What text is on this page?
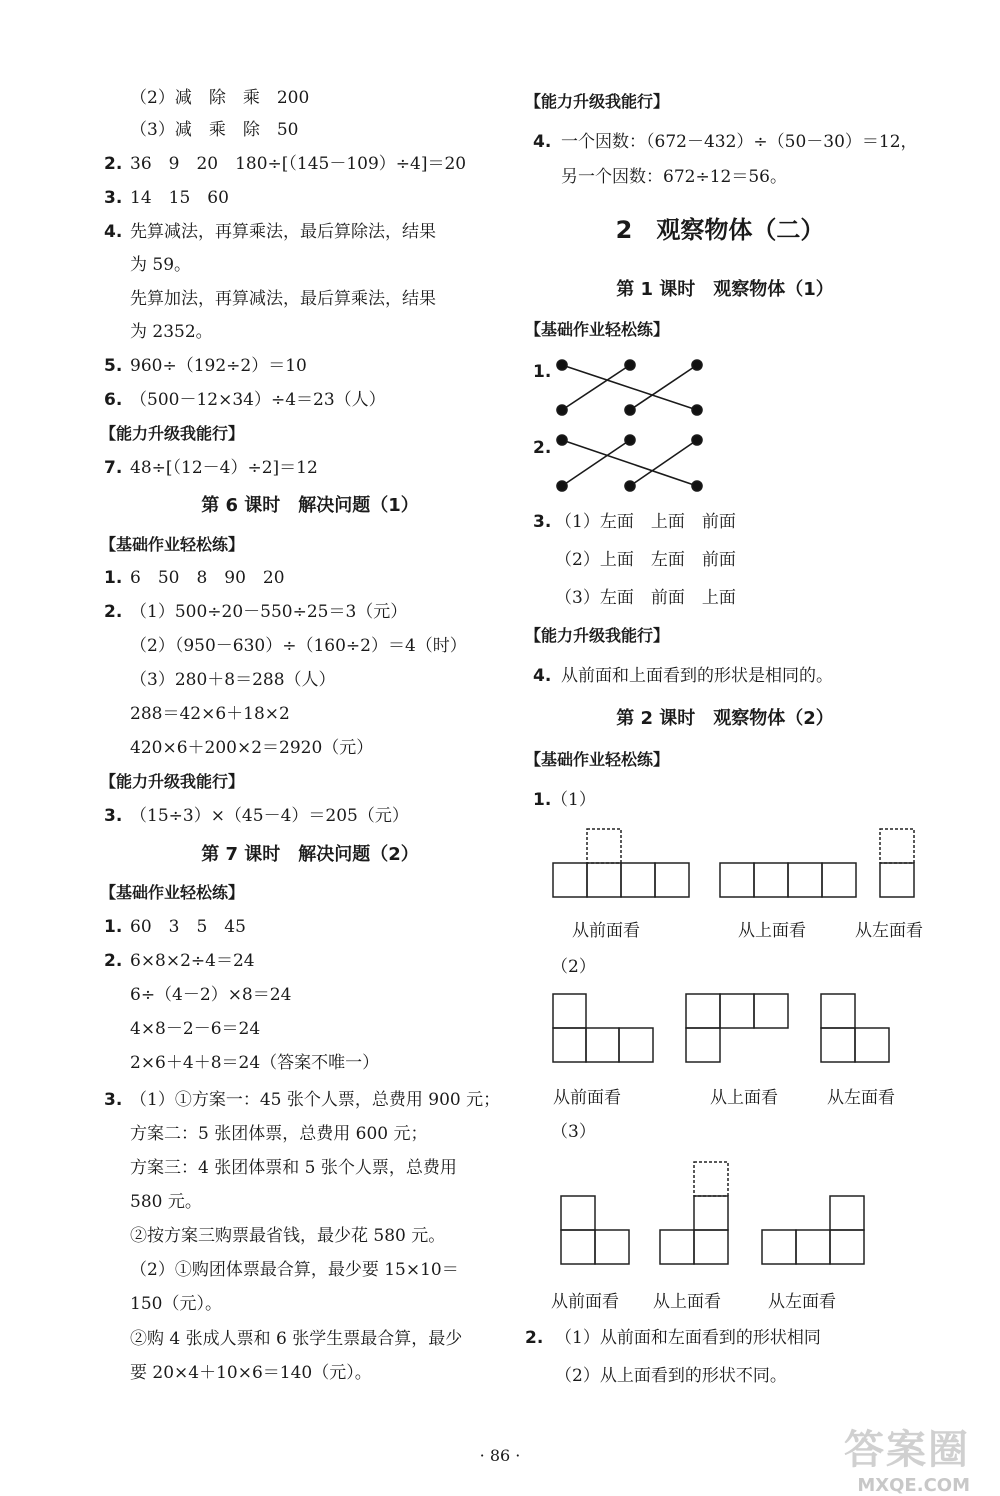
（2）减　除　乘　200
（3）减　乘　除　50
2. 36　9　20　180÷[（145－109）÷4]＝20
3. 14　15　60
4. 先算减法，再算乘法，最后算除法，结果
为 59。
先算加法，再算减法，最后算乘法，结果
为 2352。
5. 960÷（192÷2）＝10
6. （500－12×34）÷4＝23（人）
【能力升级我能行】
7. 48÷[（12－4）÷2]＝12
第 6 课时　解决问题（1）
【基础作业轻松练】
1. 6　50　8　90　20
2. （1）500÷20－550÷25＝3（元）
（2）（950－630）÷（160÷2）＝4（时）
（3）280＋8＝288（人）
288＝42×6＋18×2
420×6＋200×2＝2920（元）
【能力升级我能行】
3. （15÷3）×（45－4）＝205（元）
第 7 课时　解决问题（2）
【基础作业轻松练】
1. 60　3　5　45
2. 6×8×2÷4＝24
6÷（4－2）×8＝24
4×8－2－6＝24
2×6＋4＋8＝24（答案不唯一）
3. （1）①方案一：45 张个人票，总费用 900 元；
方案二：5 张团体票，总费用 600 元；
方案三：4 张团体票和 5 张个人票，总费用
580 元。
②按方案三购票最省钱，最少花 580 元。
（2）①购团体票最合算，最少要 15×10＝
150（元）。
②购 4 张成人票和 6 张学生票最合算，最少
要 20×4＋10×6＝140（元）。
【能力升级我能行】
4. 一个因数：（672－432）÷（50－30）＝12，
另一个因数：672÷12＝56。
2　观察物体（二）
第 1 课时　观察物体（1）
【基础作业轻松练】
1.
2.
3. （1）左面　上面　前面
（2）上面　左面　前面
（3）左面　前面　上面
【能力升级我能行】
4. 从前面和上面看到的形状是相同的。
第 2 课时　观察物体（2）
【基础作业轻松练】
1. （1）
（2）
（3）
2. （1）从前面和左面看到的形状相同
（2）从上面看到的形状不同。
从前面看	从上面看	从左面看
从前面看	从上面看	从左面看
从前面看 从上面看	从左面看
· 86 ·	答案圈
MXQE.COM
